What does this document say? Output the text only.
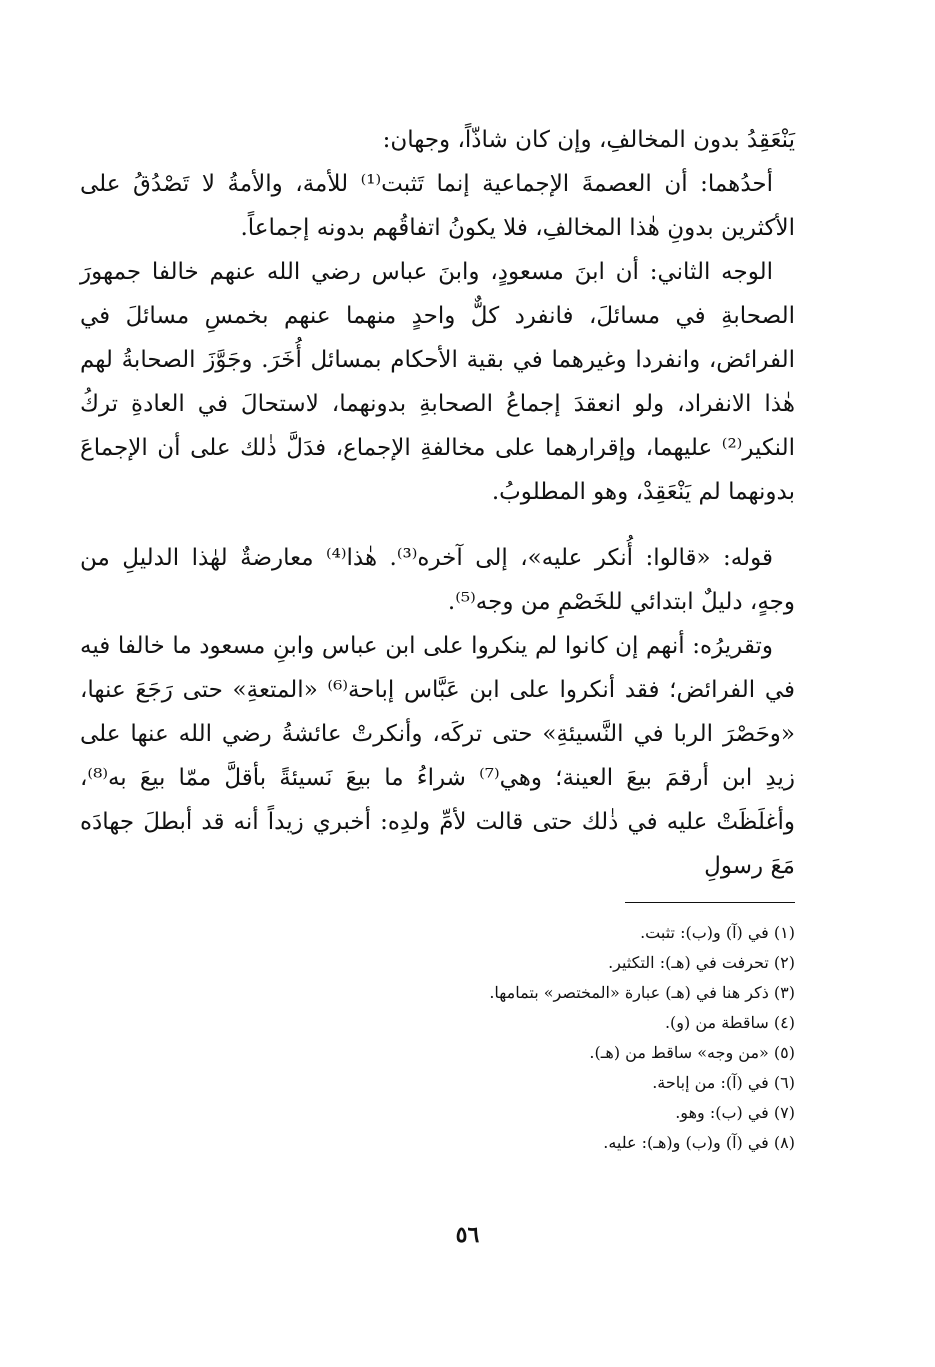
يَنْعَقِدُ بدون المخالفِ، وإن كان شاذّاً، وجهان:

أحدُهما: أن العصمةَ الإجماعية إنما تَثبت⁽¹⁾ للأمة، والأمةُ لا تَصْدُقُ على الأكثرين بدونِ هٰذا المخالفِ، فلا يكونُ اتفاقُهم بدونه إجماعاً.

الوجه الثاني: أن ابنَ مسعودٍ، وابنَ عباس رضي الله عنهم خالفا جمهورَ الصحابةِ في مسائلَ، فانفرد كلٌّ واحدٍ منهما عنهم بخمسِ مسائلَ في الفرائض، وانفردا وغيرهما في بقية الأحكام بمسائل أُخَرَ. وجَوَّزَ الصحابةُ لهم هٰذا الانفراد، ولو انعقدَ إجماعُ الصحابةِ بدونهما، لاستحالَ في العادةِ تركُ النكير⁽²⁾ عليهما، وإقرارهما على مخالفةِ الإجماع، فدَلَّ ذٰلك على أن الإجماعَ بدونهما لم يَنْعَقِدْ، وهو المطلوبُ.

قوله: «قالوا: أُنكر عليه»، إلى آخره⁽³⁾. هٰذا⁽⁴⁾ معارضةٌ لهٰذا الدليلِ من وجهٍ، دليلٌ ابتدائي للخَصْمِ من وجه⁽⁵⁾.

وتقريرُه: أنهم إن كانوا لم ينكروا على ابن عباس وابنِ مسعود ما خالفا فيه في الفرائض؛ فقد أنكروا على ابن عَبَّاس إباحة⁽⁶⁾ «المتعةِ» حتى رَجَعَ عنها، «وحَصْرَ الربا في النَّسيئةِ» حتى تركَه، وأنكرتْ عائشةُ رضي الله عنها على زيدِ ابن أرقمَ بيعَ العينة؛ وهي⁽⁷⁾ شراءُ ما بيعَ نَسيئةً بأقلَّ ممّا بيعَ به⁽⁸⁾، وأغلَظَتْ عليه في ذٰلك حتى قالت لأمِّ ولدِه: أخبري زيداً أنه قد أبطلَ جهادَه مَعَ رسولِ

(١) في (آ) و(ب): تثبت.

(٢) تحرفت في (هـ): التكثير.

(٣) ذكر هنا في (هـ) عبارة «المختصر» بتمامها.

(٤) ساقطة من (و).

(٥) «من وجه» ساقط من (هـ).

(٦) في (آ): من إباحة.

(٧) في (ب): وهو.

(٨) في (آ) و(ب) و(هـ): عليه.

٥٦
